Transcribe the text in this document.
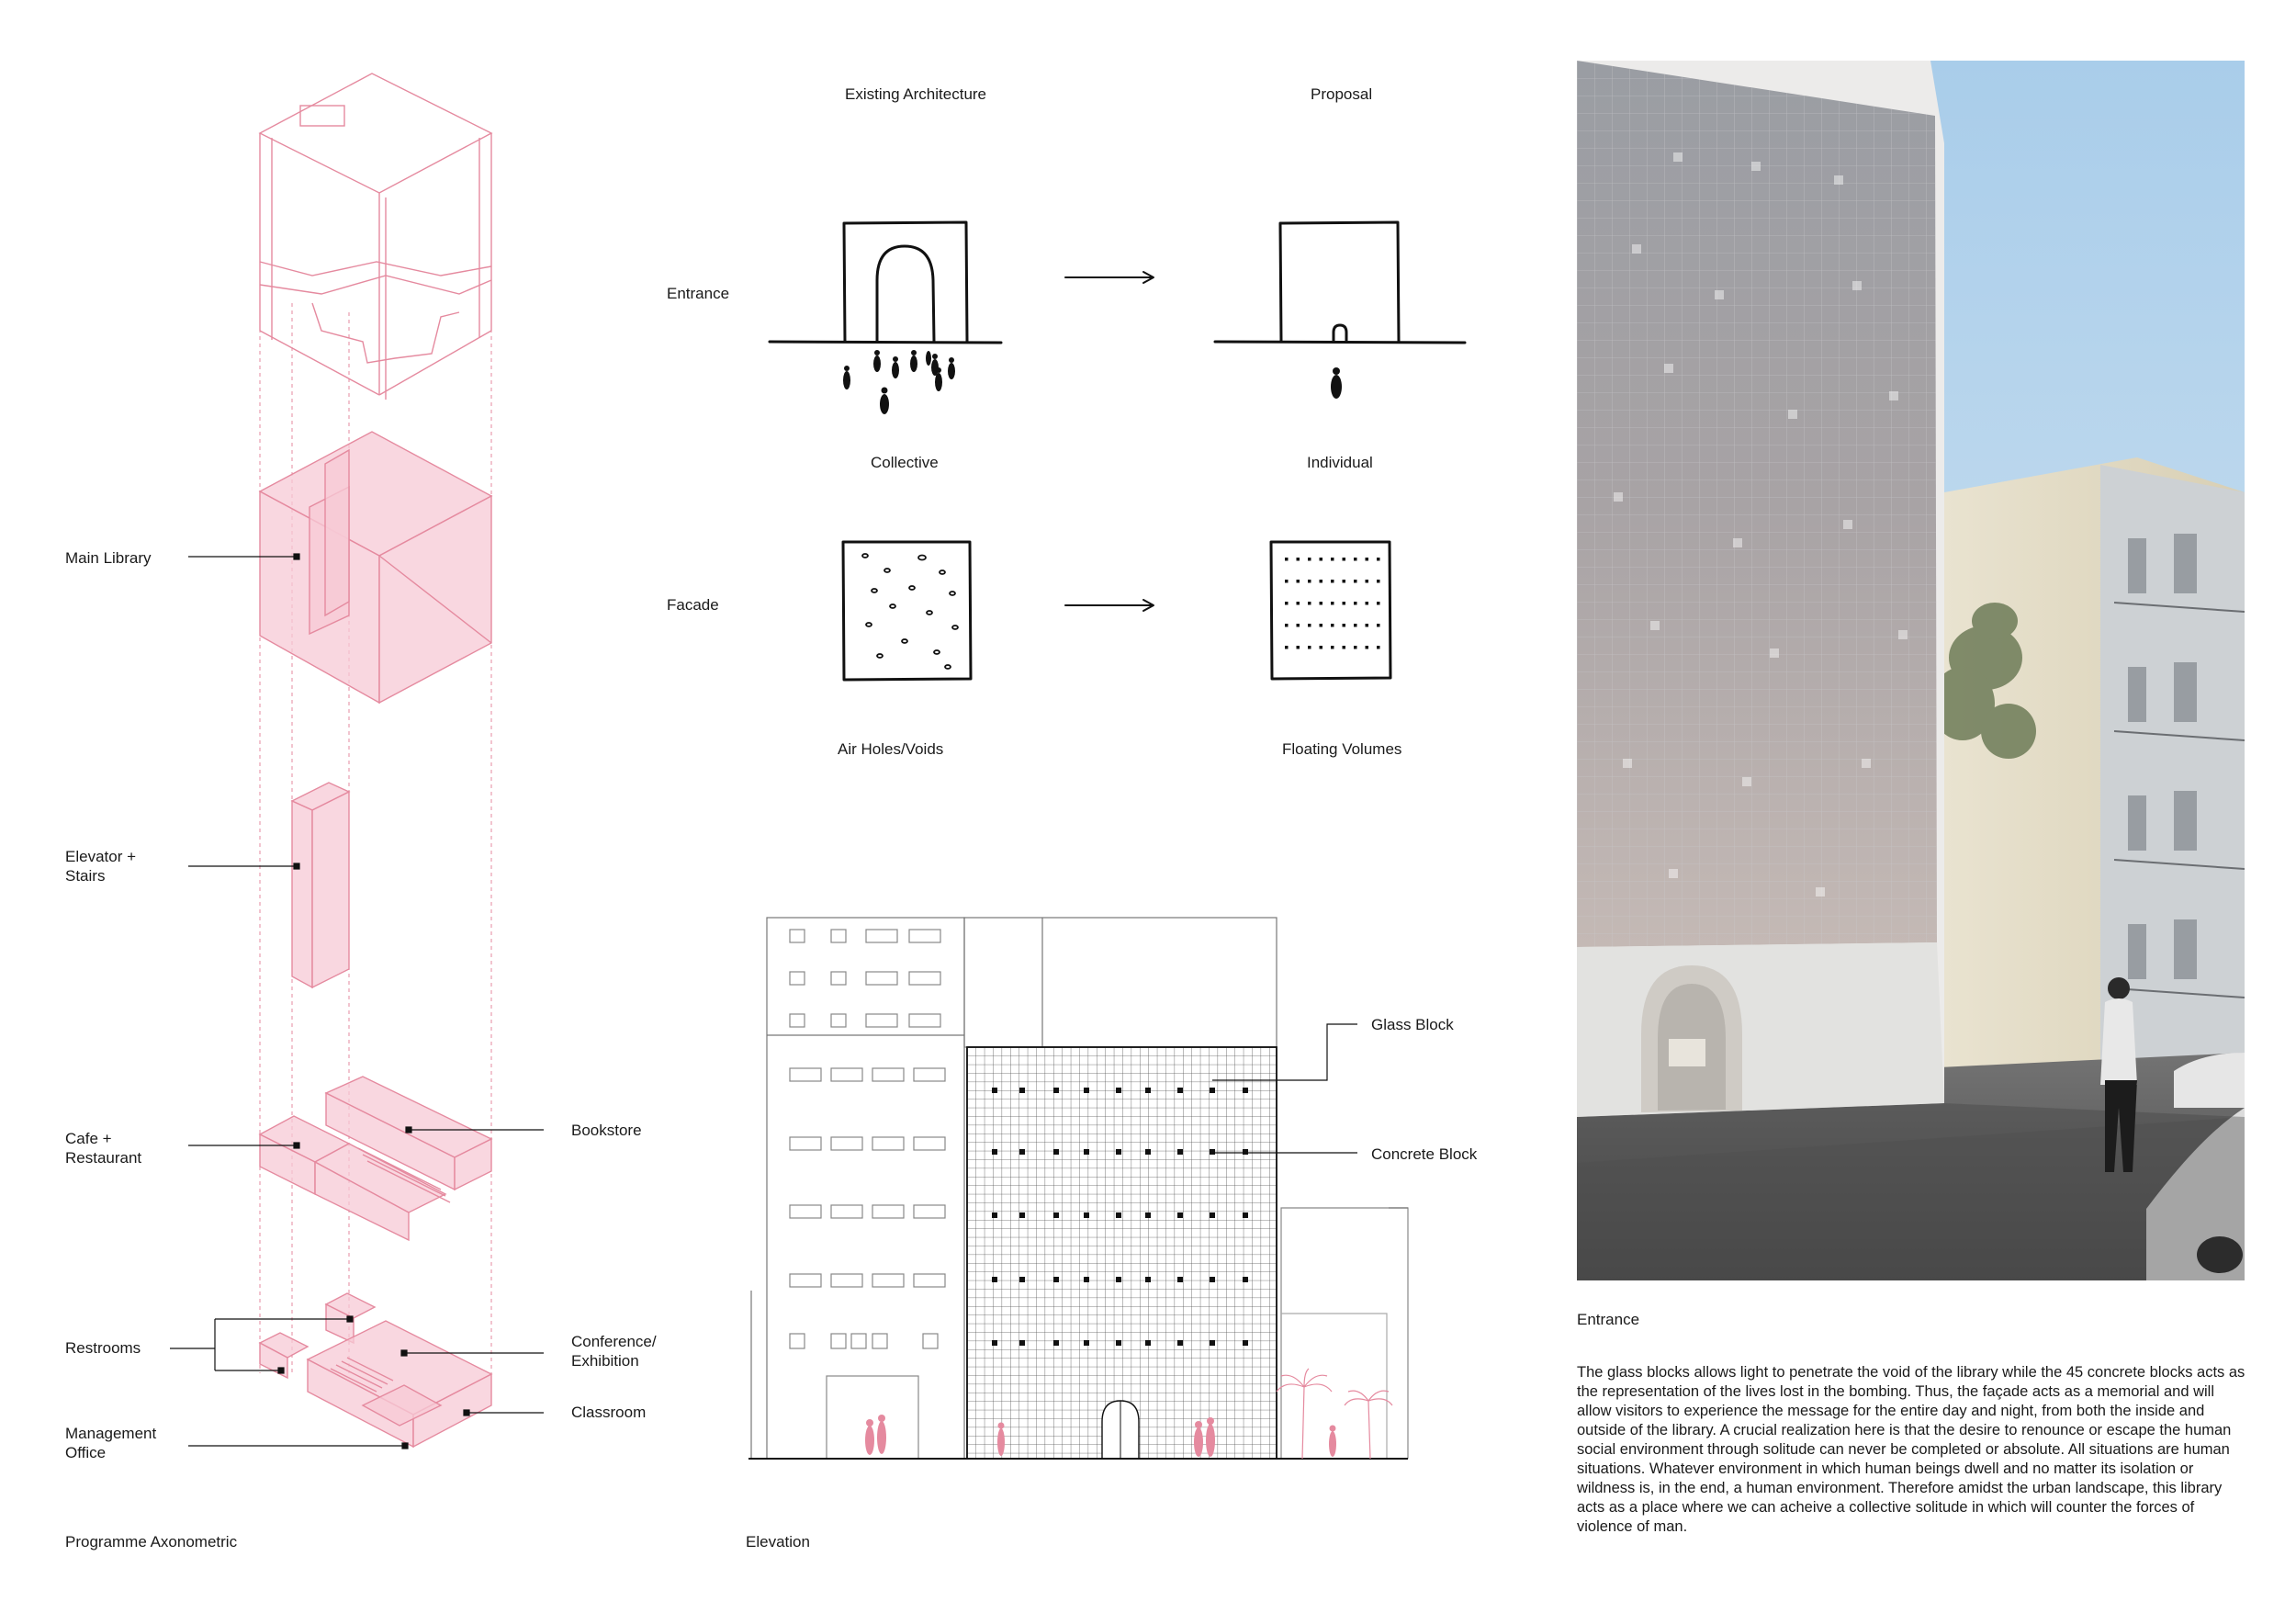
Main Library
Elevator +
Stairs
Cafe +
Restaurant
Bookstore
Restrooms	Conference/
Exhibition
Classroom
Management
Office
Programme Axonometric
Existing Architecture	Proposal
Entrance
Facade
Collective	Individual
Air Holes/Voids	Floating Volumes
Glass Block
Concrete Block
Elevation
Entrance
The glass blocks allows light to penetrate the void of the library while the 45 concrete blocks acts as the representation of the lives lost in the bombing. Thus, the façade acts as a memorial and will allow visitors to experience the message for the entire day and night, from both the inside and outside of the library. A crucial realization here is that the desire to renounce or escape the human social environment through solitude can never be completed or absolute. All situations are human situations. Whatever environment in which human beings dwell and no matter its isolation or wildness is, in the end, a human environment. Therefore amidst the urban landscape, this library acts as a place where we can acheive a collective solitude in which will counter the forces of violence of man.
